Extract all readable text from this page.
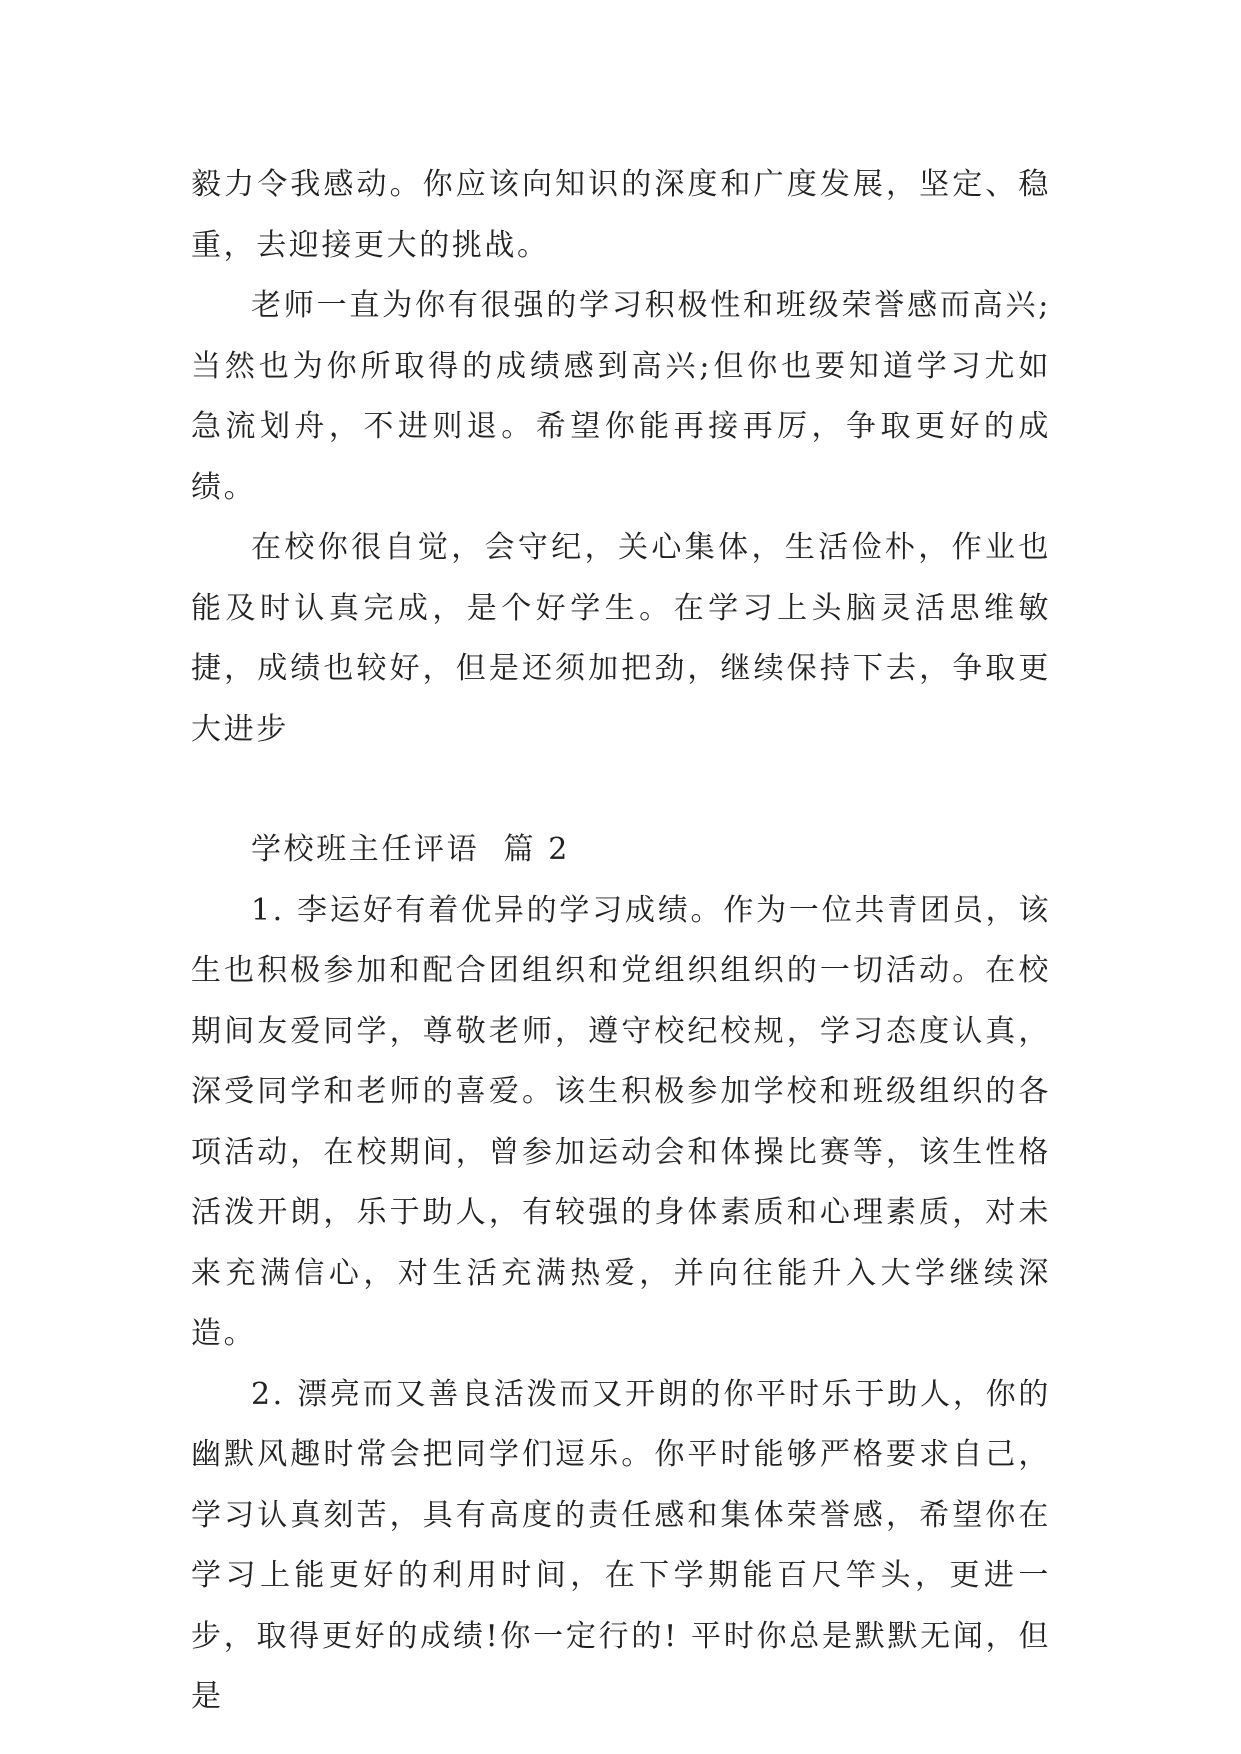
毅力令我感动。你应该向知识的深度和广度发展，坚定、稳重，去迎接更大的挑战。

老师一直为你有很强的学习积极性和班级荣誉感而高兴;当然也为你所取得的成绩感到高兴;但你也要知道学习尤如急流划舟，不进则退。希望你能再接再厉，争取更好的成绩。

在校你很自觉，会守纪，关心集体，生活俭朴，作业也能及时认真完成，是个好学生。在学习上头脑灵活思维敏捷，成绩也较好，但是还须加把劲，继续保持下去，争取更大进步

学校班主任评语  篇 2

1. 李运好有着优异的学习成绩。作为一位共青团员，该生也积极参加和配合团组织和党组织组织的一切活动。在校期间友爱同学，尊敬老师，遵守校纪校规，学习态度认真，深受同学和老师的喜爱。该生积极参加学校和班级组织的各项活动，在校期间，曾参加运动会和体操比赛等，该生性格活泼开朗，乐于助人，有较强的身体素质和心理素质，对未来充满信心，对生活充满热爱，并向往能升入大学继续深造。

2. 漂亮而又善良活泼而又开朗的你平时乐于助人，你的幽默风趣时常会把同学们逗乐。你平时能够严格要求自己，学习认真刻苦，具有高度的责任感和集体荣誉感，希望你在学习上能更好的利用时间，在下学期能百尺竿头，更进一步，取得更好的成绩!你一定行的! 平时你总是默默无闻，但是
